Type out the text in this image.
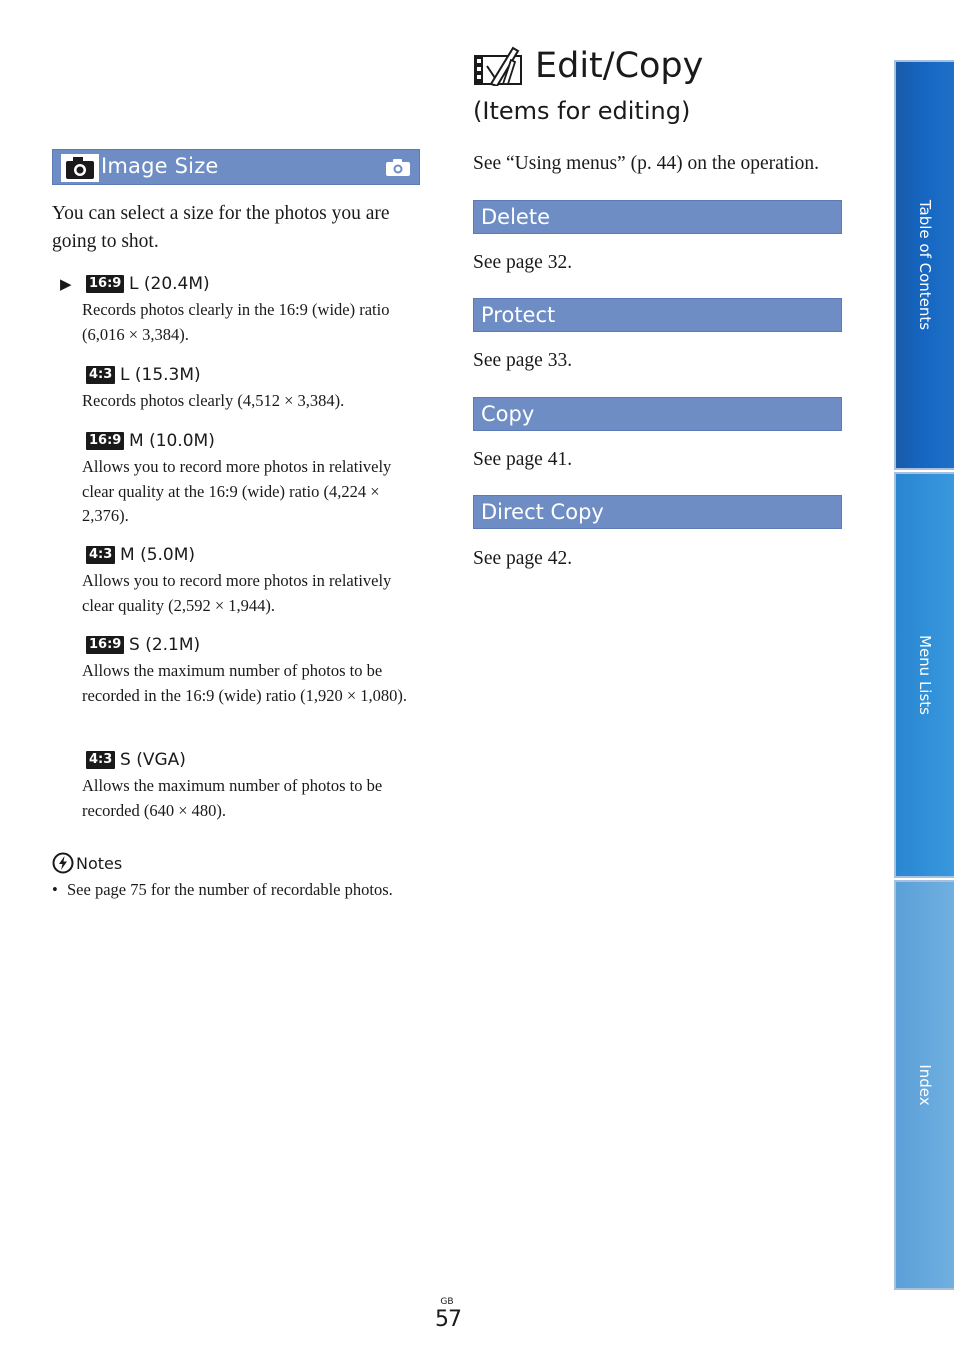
Image Size
You can select a size for the photos you are going to shot.
▶ 16:9 L (20.4M)
Records photos clearly in the 16:9 (wide) ratio (6,016 × 3,384).
4:3 L (15.3M)
Records photos clearly (4,512 × 3,384).
16:9 M (10.0M)
Allows you to record more photos in relatively clear quality at the 16:9 (wide) ratio (4,224 × 2,376).
4:3 M (5.0M)
Allows you to record more photos in relatively clear quality (2,592 × 1,944).
16:9 S (2.1M)
Allows the maximum number of photos to be recorded in the 16:9 (wide) ratio (1,920 × 1,080).
4:3 S (VGA)
Allows the maximum number of photos to be recorded (640 × 480).
Notes
• See page 75 for the number of recordable photos.
Edit/Copy
(Items for editing)
See “Using menus” (p. 44) on the operation.
Delete
See page 32.
Protect
See page 33.
Copy
See page 41.
Direct Copy
See page 42.
Table of Contents
Menu Lists
Index
GB
57
